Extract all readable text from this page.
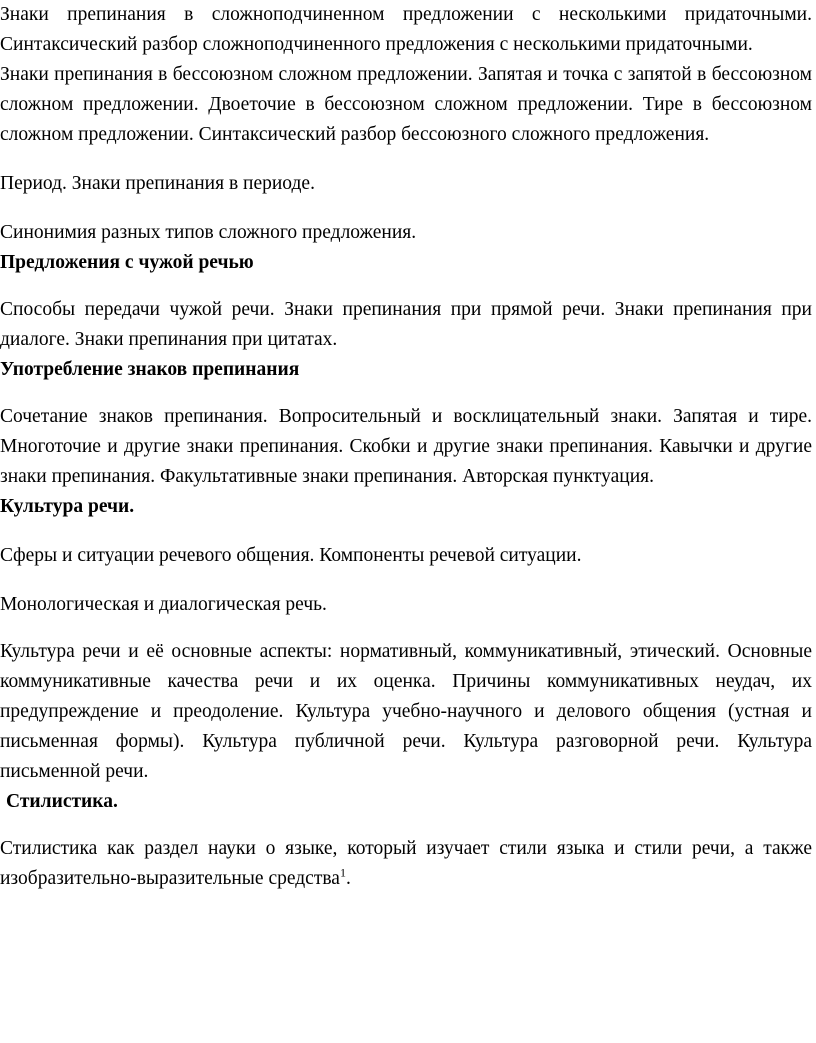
Знаки препинания в сложноподчиненном предложении с несколькими придаточными. Синтаксический разбор сложноподчиненного предложения с несколькими придаточными.

Знаки препинания в бессоюзном сложном предложении. Запятая и точка с запятой в бессоюзном сложном предложении. Двоеточие в бессоюзном сложном предложении. Тире в бессоюзном сложном предложении. Синтаксический разбор бессоюзного сложного предложения.

Период. Знаки препинания в периоде.

Синонимия разных типов сложного предложения.

Предложения с чужой речью

Способы передачи чужой речи. Знаки препинания при прямой речи. Знаки препинания при диалоге. Знаки препинания при цитатах.

Употребление знаков препинания

Сочетание знаков препинания. Вопросительный и восклицательный знаки. Запятая и тире. Многоточие и другие знаки препинания. Скобки и другие знаки препинания. Кавычки и другие знаки препинания. Факультативные знаки препинания. Авторская пунктуация.

Культура речи.

Сферы и ситуации речевого общения. Компоненты речевой ситуации.

Монологическая и диалогическая речь.

Культура речи и её основные аспекты: нормативный, коммуникативный, этический. Основные коммуникативные качества речи и их оценка. Причины коммуникативных неудач, их предупреждение и преодоление. Культура учебно-научного и делового общения (устная и письменная формы). Культура публичной речи. Культура разговорной речи. Культура письменной речи.

Стилистика.

Стилистика как раздел науки о языке, который изучает стили языка и стили речи, а также изобразительно-выразительные средства$^1$.
